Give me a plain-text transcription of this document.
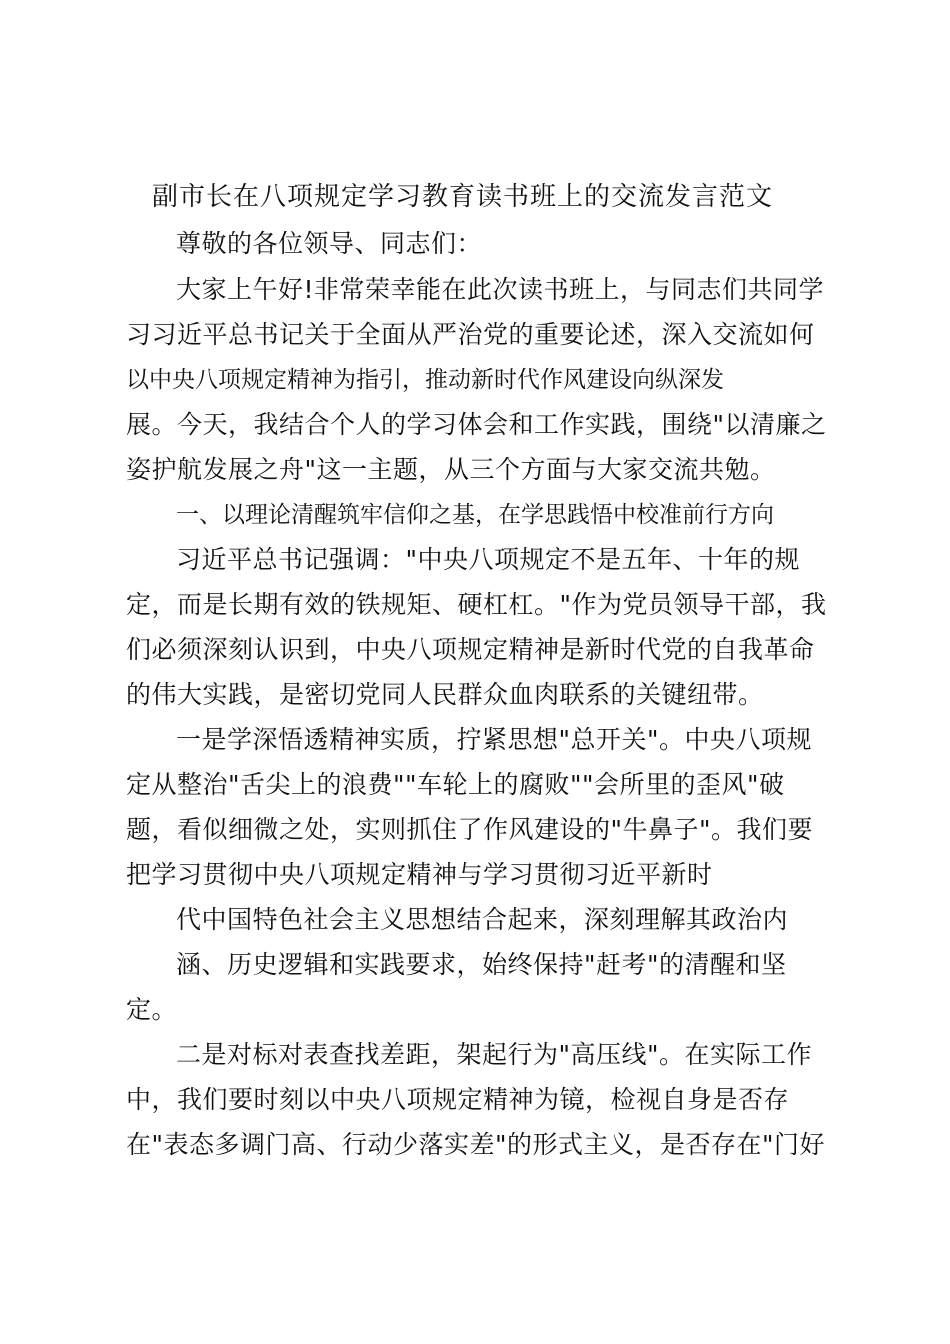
副市长在八项规定学习教育读书班上的交流发言范文
尊敬的各位领导、同志们：
大家上午好!非常荣幸能在此次读书班上，与同志们共同学
习习近平总书记关于全面从严治党的重要论述，深入交流如何
以中央八项规定精神为指引，推动新时代作风建设向纵深发
展。今天，我结合个人的学习体会和工作实践，围绕"以清廉之
姿护航发展之舟"这一主题，从三个方面与大家交流共勉。
一、以理论清醒筑牢信仰之基，在学思践悟中校准前行方向
习近平总书记强调："中央八项规定不是五年、十年的规
定，而是长期有效的铁规矩、硬杠杠。"作为党员领导干部，我
们必须深刻认识到，中央八项规定精神是新时代党的自我革命
的伟大实践，是密切党同人民群众血肉联系的关键纽带。
一是学深悟透精神实质，拧紧思想"总开关"。中央八项规
定从整治"舌尖上的浪费""车轮上的腐败""会所里的歪风"破
题，看似细微之处，实则抓住了作风建设的"牛鼻子"。我们要
把学习贯彻中央八项规定精神与学习贯彻习近平新时
代中国特色社会主义思想结合起来，深刻理解其政治内
涵、历史逻辑和实践要求，始终保持"赶考"的清醒和坚
定。
二是对标对表查找差距，架起行为"高压线"。在实际工作
中，我们要时刻以中央八项规定精神为镜，检视自身是否存
在"表态多调门高、行动少落实差"的形式主义，是否存在"门好
